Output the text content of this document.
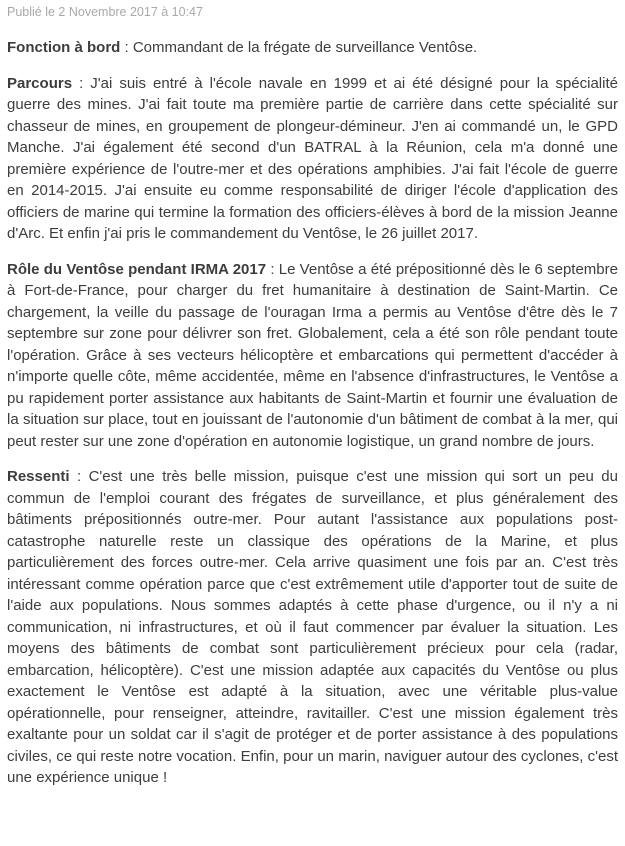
Publié le 2 Novembre 2017 à 10:47

Fonction à bord : Commandant de la frégate de surveillance Ventôse.

Parcours : J'ai suis entré à l'école navale en 1999 et ai été désigné pour la spécialité guerre des mines. J'ai fait toute ma première partie de carrière dans cette spécialité sur chasseur de mines, en groupement de plongeur-démineur. J'en ai commandé un, le GPD Manche. J'ai également été second d'un BATRAL à la Réunion, cela m'a donné une première expérience de l'outre-mer et des opérations amphibies. J'ai fait l'école de guerre en 2014-2015. J'ai ensuite eu comme responsabilité de diriger l'école d'application des officiers de marine qui termine la formation des officiers-élèves à bord de la mission Jeanne d'Arc. Et enfin j'ai pris le commandement du Ventôse, le 26 juillet 2017.

Rôle du Ventôse pendant IRMA 2017 : Le Ventôse a été prépositionné dès le 6 septembre à Fort-de-France, pour charger du fret humanitaire à destination de Saint-Martin. Ce chargement, la veille du passage de l'ouragan Irma a permis au Ventôse d'être dès le 7 septembre sur zone pour délivrer son fret. Globalement, cela a été son rôle pendant toute l'opération. Grâce à ses vecteurs hélicoptère et embarcations qui permettent d'accéder à n'importe quelle côte, même accidentée, même en l'absence d'infrastructures, le Ventôse a pu rapidement porter assistance aux habitants de Saint-Martin et fournir une évaluation de la situation sur place, tout en jouissant de l'autonomie d'un bâtiment de combat à la mer, qui peut rester sur une zone d'opération en autonomie logistique, un grand nombre de jours.

Ressenti : C'est une très belle mission, puisque c'est une mission qui sort un peu du commun de l'emploi courant des frégates de surveillance, et plus généralement des bâtiments prépositionnés outre-mer. Pour autant l'assistance aux populations post-catastrophe naturelle reste un classique des opérations de la Marine, et plus particulièrement des forces outre-mer. Cela arrive quasiment une fois par an. C'est très intéressant comme opération parce que c'est extrêmement utile d'apporter tout de suite de l'aide aux populations. Nous sommes adaptés à cette phase d'urgence, ou il n'y a ni communication, ni infrastructures, et où il faut commencer par évaluer la situation. Les moyens des bâtiments de combat sont particulièrement précieux pour cela (radar, embarcation, hélicoptère). C'est une mission adaptée aux capacités du Ventôse ou plus exactement le Ventôse est adapté à la situation, avec une véritable plus-value opérationnelle, pour renseigner, atteindre, ravitailler. C'est une mission également très exaltante pour un soldat car il s'agit de protéger et de porter assistance à des populations civiles, ce qui reste notre vocation. Enfin, pour un marin, naviguer autour des cyclones, c'est une expérience unique !
